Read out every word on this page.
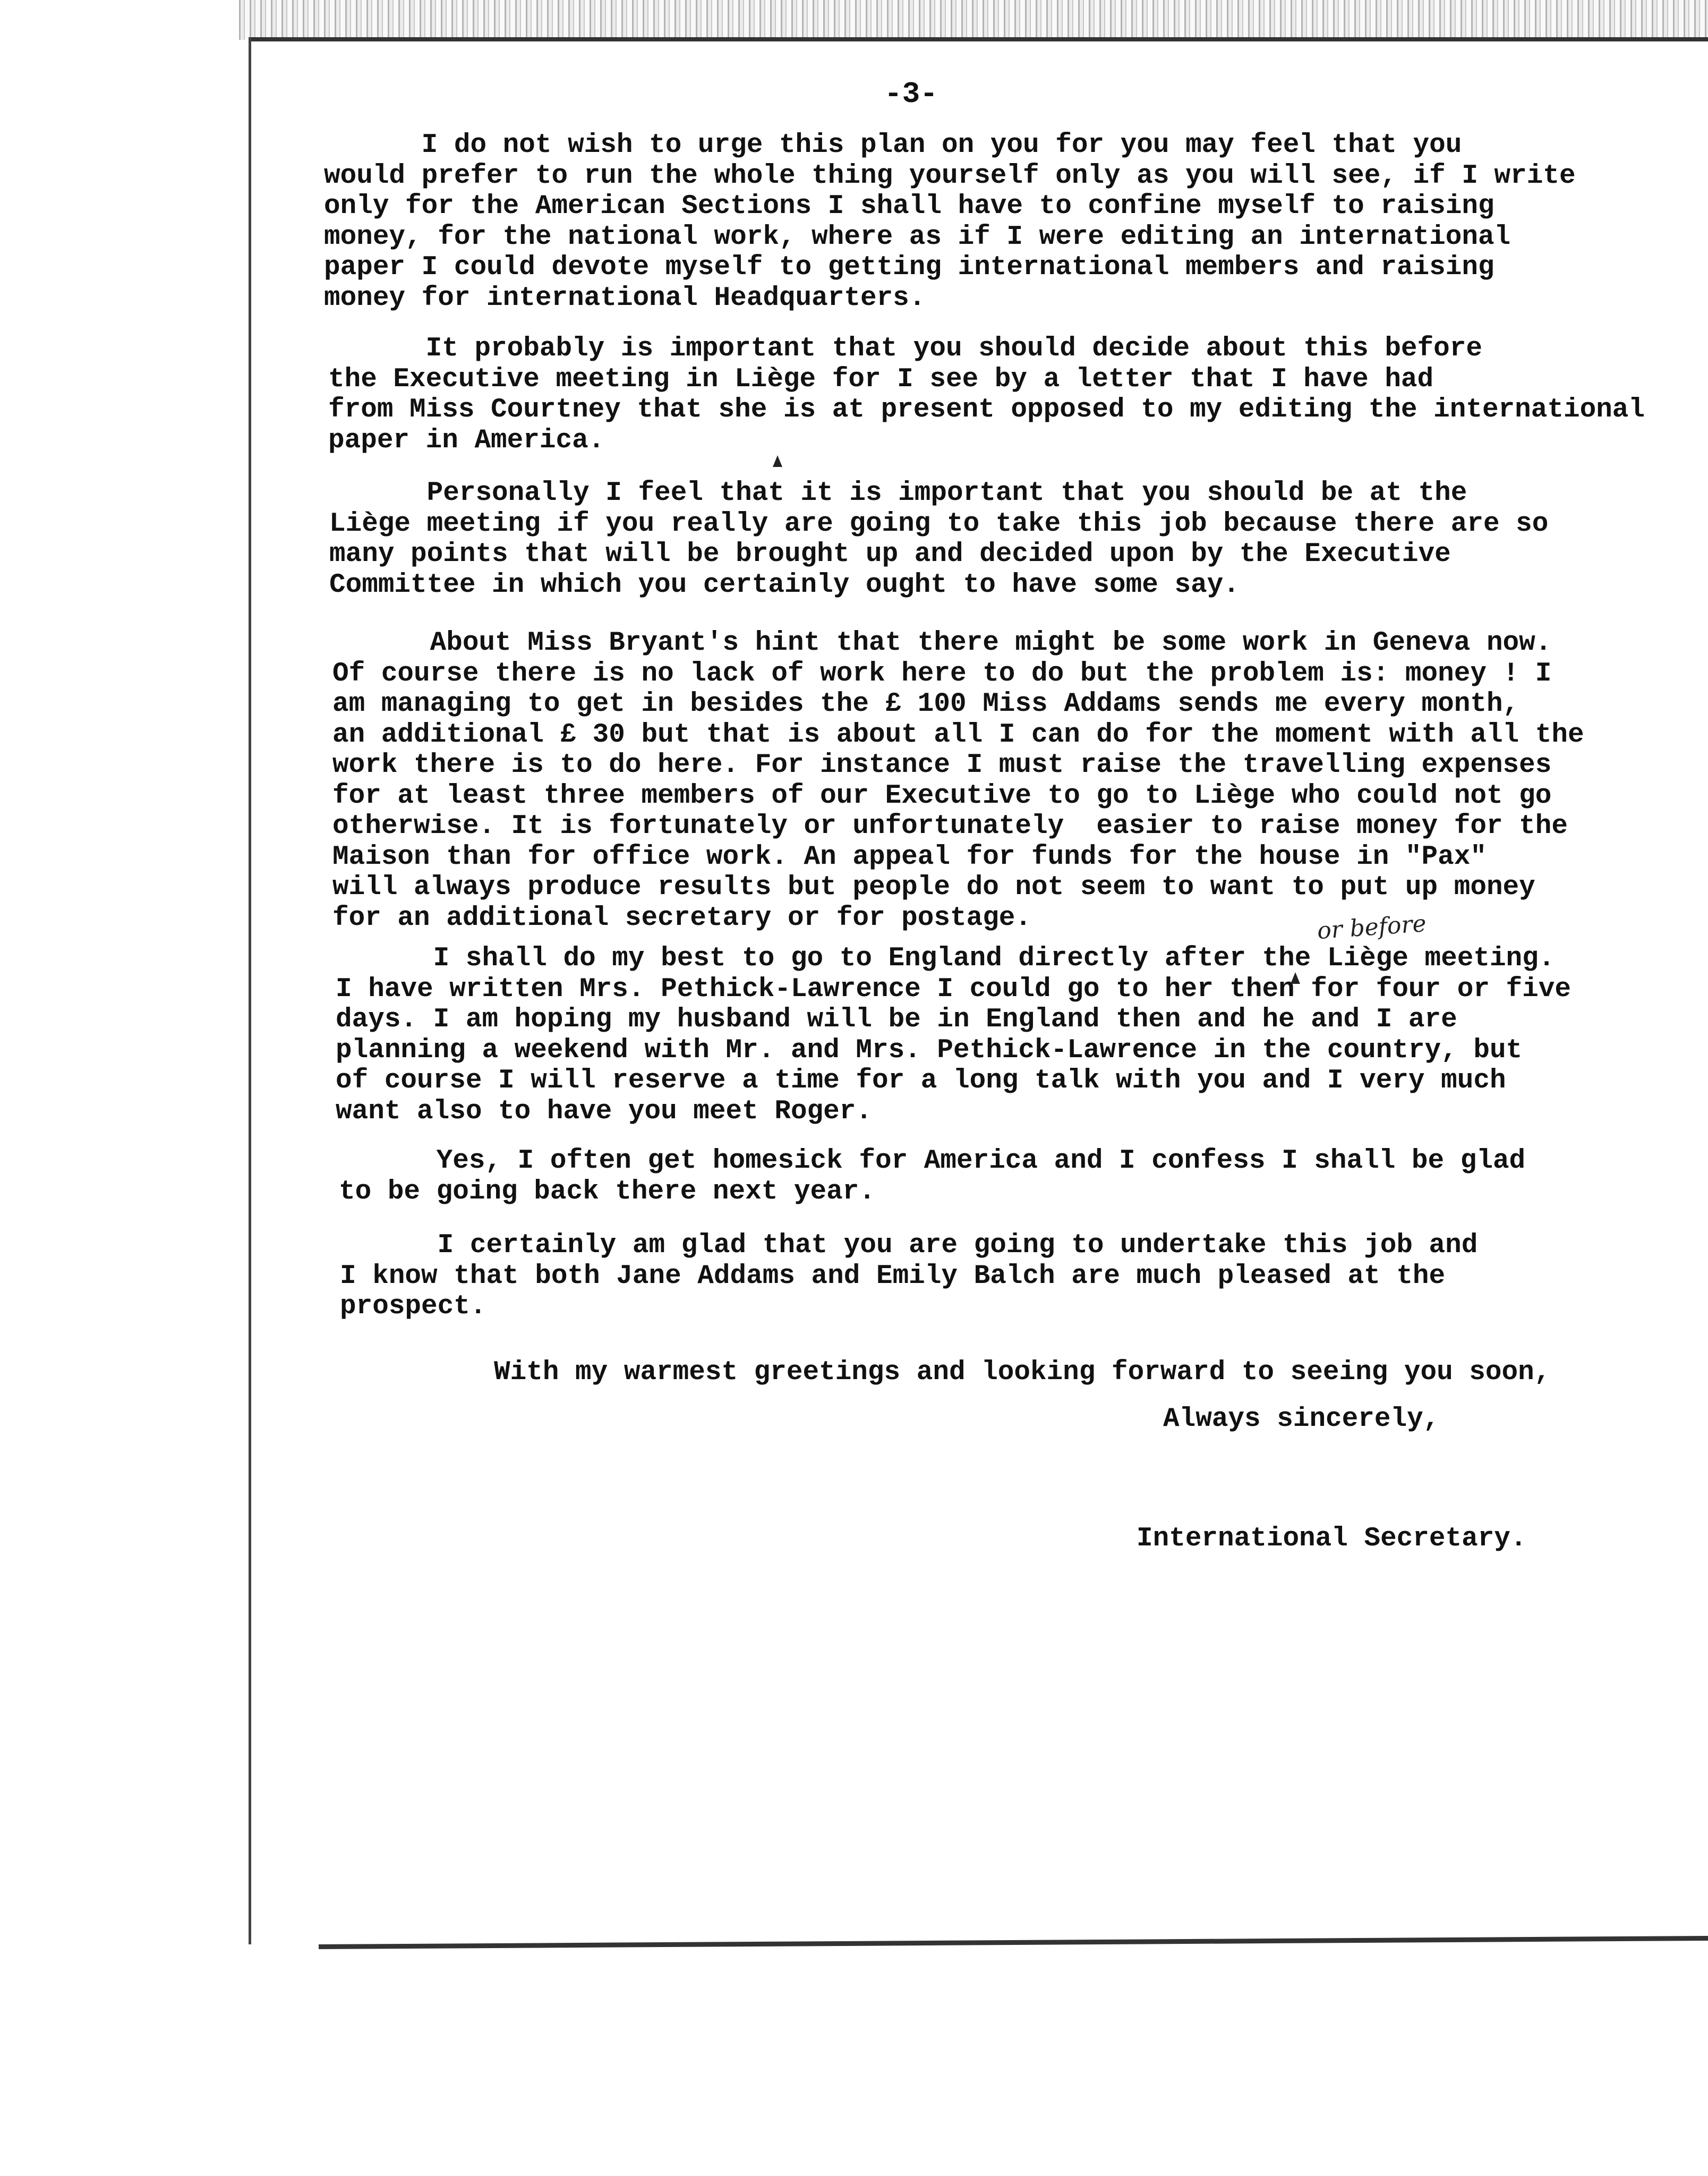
-3-
I do not wish to urge this plan on you for you may feel that you
would prefer to run the whole thing yourself only as you will see, if I write
only for the American Sections I shall have to confine myself to raising
money, for the national work, where as if I were editing an international
paper I could devote myself to getting international members and raising
money for international Headquarters.
It probably is important that you should decide about this before
the Executive meeting in Liège for I see by a letter that I have had
from Miss Courtney that she is at present opposed to my editing the international
paper in America.
Personally I feel that it is important that you should be at the
Liège meeting if you really are going to take this job because there are so
many points that will be brought up and decided upon by the Executive
Committee in which you certainly ought to have some say.
About Miss Bryant's hint that there might be some work in Geneva now.
Of course there is no lack of work here to do but the problem is: money ! I
am managing to get in besides the £ 100 Miss Addams sends me every month,
an additional £ 30 but that is about all I can do for the moment with all the
work there is to do here. For instance I must raise the travelling expenses
for at least three members of our Executive to go to Liège who could not go
otherwise. It is fortunately or unfortunately  easier to raise money for the
Maison than for office work. An appeal for funds for the house in "Pax"
will always produce results but people do not seem to want to put up money
for an additional secretary or for postage.
I shall do my best to go to England directly after the Liège meeting.
I have written Mrs. Pethick-Lawrence I could go to her then for four or five
days. I am hoping my husband will be in England then and he and I are
planning a weekend with Mr. and Mrs. Pethick-Lawrence in the country, but
of course I will reserve a time for a long talk with you and I very much
want also to have you meet Roger.
Yes, I often get homesick for America and I confess I shall be glad
to be going back there next year.
I certainly am glad that you are going to undertake this job and
I know that both Jane Addams and Emily Balch are much pleased at the
prospect.
With my warmest greetings and looking forward to seeing you soon,
Always sincerely,
International Secretary.
or before
